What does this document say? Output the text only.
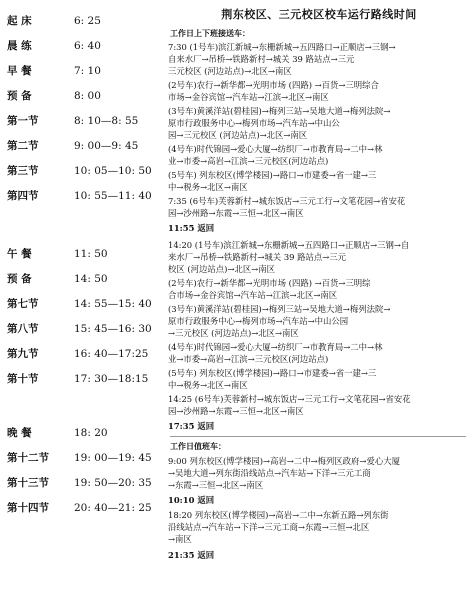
起 床	6: 25
晨 练	6: 40
早 餐	7: 10
预 备	8: 00
第一节	8: 10—8: 55
第二节	9: 00—9: 45
第三节	10: 05—10: 50
第四节	10: 55—11: 40
午 餐	11: 50
预 备	14: 50
第七节	14: 55—15: 40
第八节	15: 45—16: 30
第九节	16: 40—17:25
第十节	17: 30—18:15
晚 餐	18: 20
第十二节	19: 00—19: 45
第十三节	19: 50—20: 35
第十四节	20: 40—21: 25
荆东校区、三元校区校车运行路线时间
工作日上下班接送车：
7:30 (1号车)滨江新城→东栅新城→五四路口→正顺店→三钢→
自来水厂→吊桥→铁路新村→城关 39 路站点→三元
三元校区 (河边站点)→北区→南区
(2号车)农行→新华都→光明市场 (四路) →百货→三明综合
市场→金谷宾馆→汽车站→江滨→北区→南区
(3号车)黄溪洋站(碧桂园)→梅列三站→吴地大道→梅列法院→
原市行政服务中心→梅列市场→汽车站→中山公
园→三元校区 (河边站点)→北区→南区
(4号车)时代锦园→爱心大厦→纺织厂→市教育局→二中→林
业→市委→高岩→江滨→三元校区(河边站点)
(5号车) 列东校区(博学楼园)→路口→市建委→省一建→三
中→税务→北区→南区
7:35 (6号车)芙蓉新村→城东饭店→三元工行→文笔花园→省安花
园→沙州路→东霞→三恒→北区→南区
11:55 返回
14:20 (1号车)滨江新城→东栅新城→五四路口→正顺店→三钢→自
来水厂→吊桥→铁路新村→城关 39 路站点→三元
校区 (河边站点)→北区→南区
(2号车)农行→新华都→光明市场 (四路) →百货→三明综
合市场→金谷宾馆→汽车站→江滨→北区→南区
(3号车)黄溪洋站(碧桂园)→梅列三站→吴地大道→梅列法院→
原市行政服务中心→梅列市场→汽车站→中山公园
→三元校区 (河边站点)→北区→南区
(4号车)时代锦园→爱心大厦→纺织厂→市教育局→二中→林
业→市委→高岩→江滨→三元校区(河边站点)
(5号车) 列东校区(博学楼园)→路口→市建委→省一建→三
中→税务→北区→南区
14:25 (6号车)芙蓉新村→城东饭店→三元工行→文笔花园→省安花
园→沙州路→东霞→三恒→北区→南区
17:35 返回
工作日值班车：
9:00 列东校区(博学楼园)→高岩→二中→梅列区政府→爱心大厦
→吴地大道→列东街沿线站点→汽车站→下洋→三元工商
→东霞→三恒→北区→南区
10:10 返回
18:20 列东校区(博学楼园)→高岩→二中→东新五路→列东街
沿线站点→汽车站→下洋→三元工商→东霞→三恒→北区
→南区
21:35 返回
